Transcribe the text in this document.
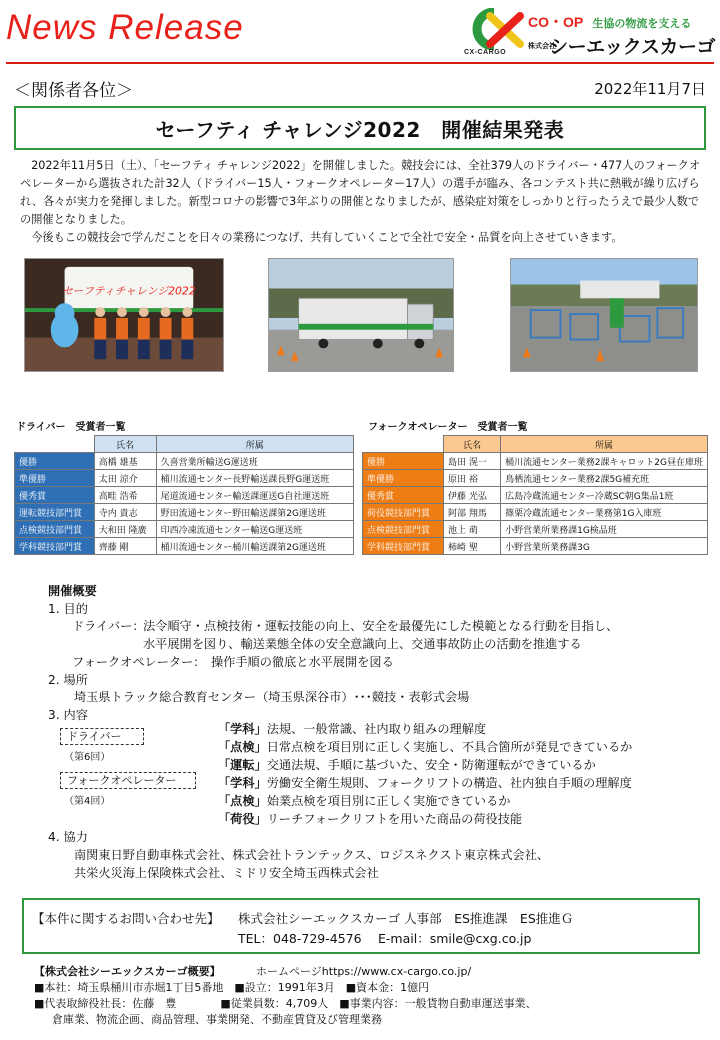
News Release
CX-CARGO
CO・OP 生協の物流を支える
株式会社 シーエックスカーゴ
＜関係者各位＞	2022年11月7日
セーフティ チャレンジ2022　開催結果発表

2022年11月5日（土）、「セーフティ チャレンジ2022」を開催しました。競技会には、全社379人のドライバー・477人のフォークオペレーターから選抜された計32人（ドライバー15人・フォークオペレーター17人）の選手が臨み、各コンテスト共に熱戦が繰り広げられ、各々が実力を発揮しました。新型コロナの影響で3年ぶりの開催となりましたが、感染症対策をしっかりと行ったうえで最少人数での開催となりました。

今後もこの競技会で学んだことを日々の業務につなげ、共有していくことで全社で安全・品質を向上させていきます。

セーフティチャレンジ2022
ドライバー　受賞者一覧
	氏名	所属
優勝	高橋 雄基	久喜営業所輸送G運送班
準優勝	太田 涼介	桶川流通センター長野輸送課長野G運送班
優秀賞	高畦 浩希	尾道流通センター輸送課運送G自社運送班
運転競技部門賞	寺内 貴志	野田流通センター野田輸送課第2G運送班
点検競技部門賞	大和田 隆廣	印西冷凍流通センター輸送G運送班
学科競技部門賞	齊藤 剛	桶川流通センター桶川輸送課第2G運送班
フォークオペレーター　受賞者一覧
	氏名	所属
優勝	島田 滉一	桶川流通センター業務2課キャロット2G昼在庫班
準優勝	原田 裕	鳥栖流通センター業務2課5G補充班
優秀賞	伊藤 光弘	広島冷蔵流通センター冷蔵SC朝G集品1班
荷役競技部門賞	阿部 翔馬	篠栗冷蔵流通センター業務第1G入庫班
点検競技部門賞	池上 萌	小野営業所業務課1G検品班
学科競技部門賞	柿崎 聖	小野営業所業務課3G
開催概要
1. 目的
ドライバー：
法令順守・点検技術・運転技能の向上、安全を最優先にした模範となる行動を目指し、
水平展開を図り、輸送業態全体の安全意識向上、交通事故防止の活動を推進する
フォークオペレーター： 操作手順の徹底と水平展開を図る
2. 場所
埼玉県トラック総合教育センター（埼玉県深谷市）･･･競技・表彰式会場
3. 内容
ドライバー
（第6回）
フォークオペレーター
（第4回）
「学科」法規、一般常識、社内取り組みの理解度
「点検」日常点検を項目別に正しく実施し、不具合箇所が発見できているか
「運転」交通法規、手順に基づいた、安全・防衛運転ができているか
「学科」労働安全衛生規則、フォークリフトの構造、社内独自手順の理解度
「点検」始業点検を項目別に正しく実施できているか
「荷役」リーチフォークリフトを用いた商品の荷役技能
4. 協力
南関東日野自動車株式会社、株式会社トランテックス、ロジスネクスト東京株式会社、
共栄火災海上保険株式会社、ミドリ安全埼玉西株式会社
【本件に関するお問い合わせ先】 株式会社シーエックスカーゴ 人事部　ES推進課　ES推進Ｇ
TEL：048-729-4576　 E-mail：smile@cxg.co.jp
【株式会社シーエックスカーゴ概要】	ホームページhttps://www.cx-cargo.co.jp/
■本社：埼玉県桶川市赤堀1丁目5番地　■設立：1991年3月　■資本金：1億円
■代表取締役社長：佐藤　豊　　　　■従業員数：4,709人　■事業内容：一般貨物自動車運送事業、
倉庫業、物流企画、商品管理、事業開発、不動産賃貸及び管理業務
